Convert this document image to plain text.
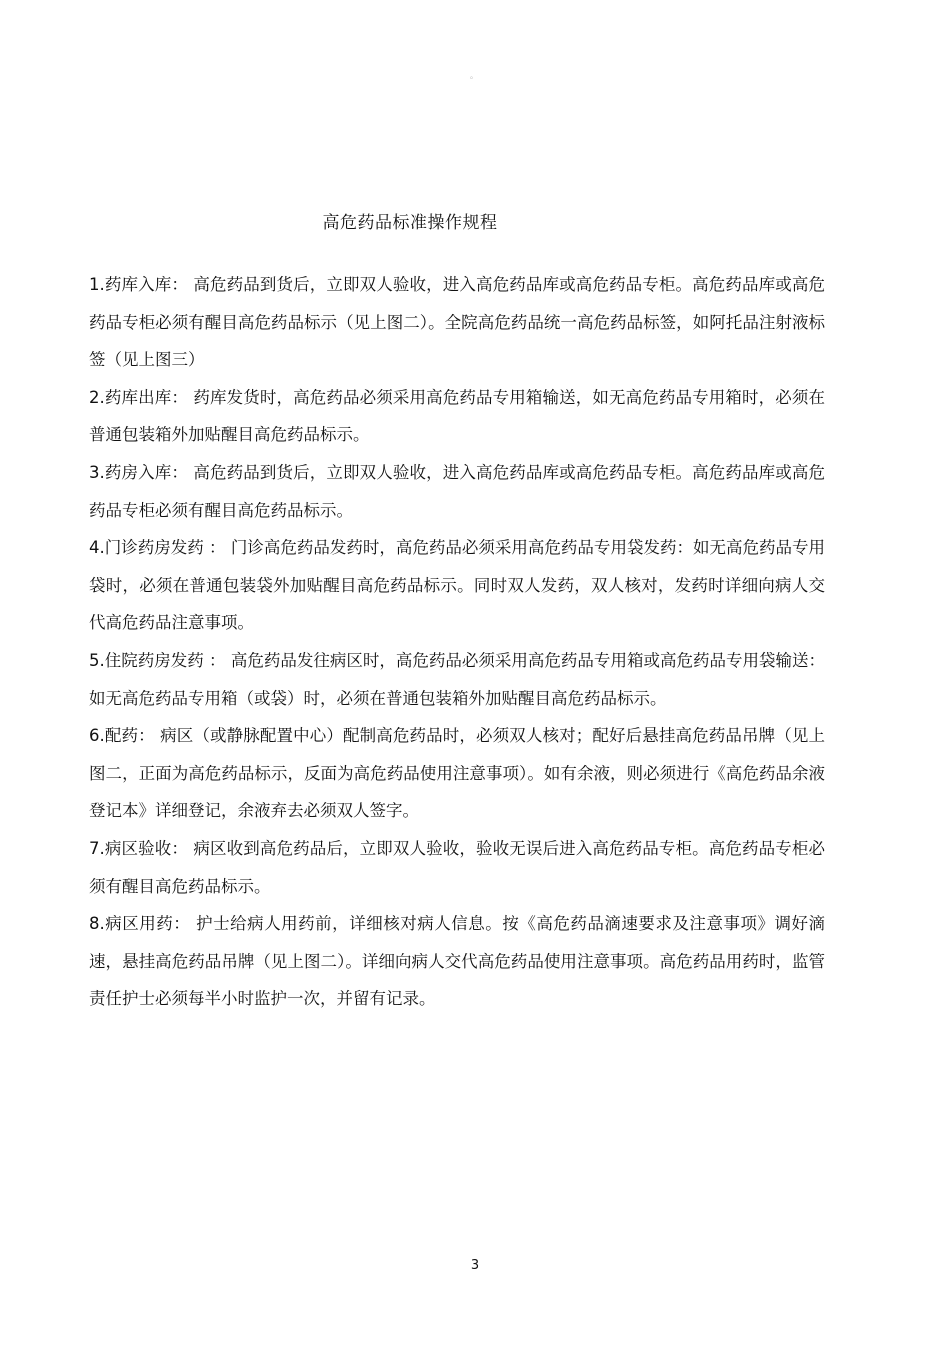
。
高危药品标准操作规程

1.药库入库： 高危药品到货后，立即双人验收，进入高危药品库或高危药品专柜。高危药品库或高危药品专柜必须有醒目高危药品标示（见上图二）。全院高危药品统一高危药品标签，如阿托品注射液标签（见上图三）

2.药库出库： 药库发货时，高危药品必须采用高危药品专用箱输送，如无高危药品专用箱时，必须在普通包装箱外加贴醒目高危药品标示。

3.药房入库： 高危药品到货后，立即双人验收，进入高危药品库或高危药品专柜。高危药品库或高危药品专柜必须有醒目高危药品标示。

4.门诊药房发药 ： 门诊高危药品发药时，高危药品必须采用高危药品专用袋发药：如无高危药品专用袋时，必须在普通包装袋外加贴醒目高危药品标示。同时双人发药，双人核对，发药时详细向病人交代高危药品注意事项。

5.住院药房发药 ： 高危药品发往病区时，高危药品必须采用高危药品专用箱或高危药品专用袋输送：如无高危药品专用箱（或袋）时，必须在普通包装箱外加贴醒目高危药品标示。

6.配药： 病区（或静脉配置中心）配制高危药品时，必须双人核对；配好后悬挂高危药品吊牌（见上图二，正面为高危药品标示，反面为高危药品使用注意事项）。如有余液，则必须进行《高危药品余液登记本》详细登记，余液弃去必须双人签字。

7.病区验收： 病区收到高危药品后，立即双人验收，验收无误后进入高危药品专柜。高危药品专柜必须有醒目高危药品标示。

8.病区用药： 护士给病人用药前，详细核对病人信息。按《高危药品滴速要求及注意事项》调好滴速，悬挂高危药品吊牌（见上图二）。详细向病人交代高危药品使用注意事项。高危药品用药时，监管责任护士必须每半小时监护一次，并留有记录。

3
